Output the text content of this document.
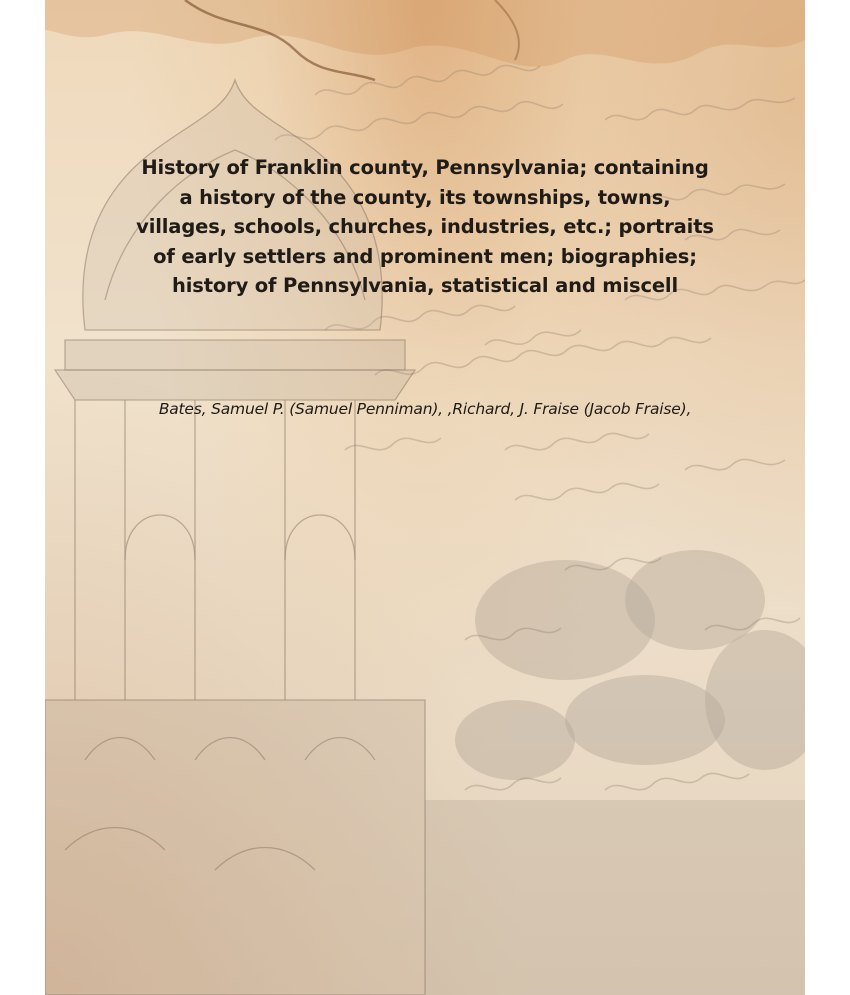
History of Franklin county, Pennsylvania; containing a history of the county, its townships, towns, villages, schools, churches, industries, etc.; portraits of early settlers and prominent men; biographies; history of Pennsylvania, statistical and miscell
Bates, Samuel P. (Samuel Penniman), ,Richard, J. Fraise (Jacob Fraise),
